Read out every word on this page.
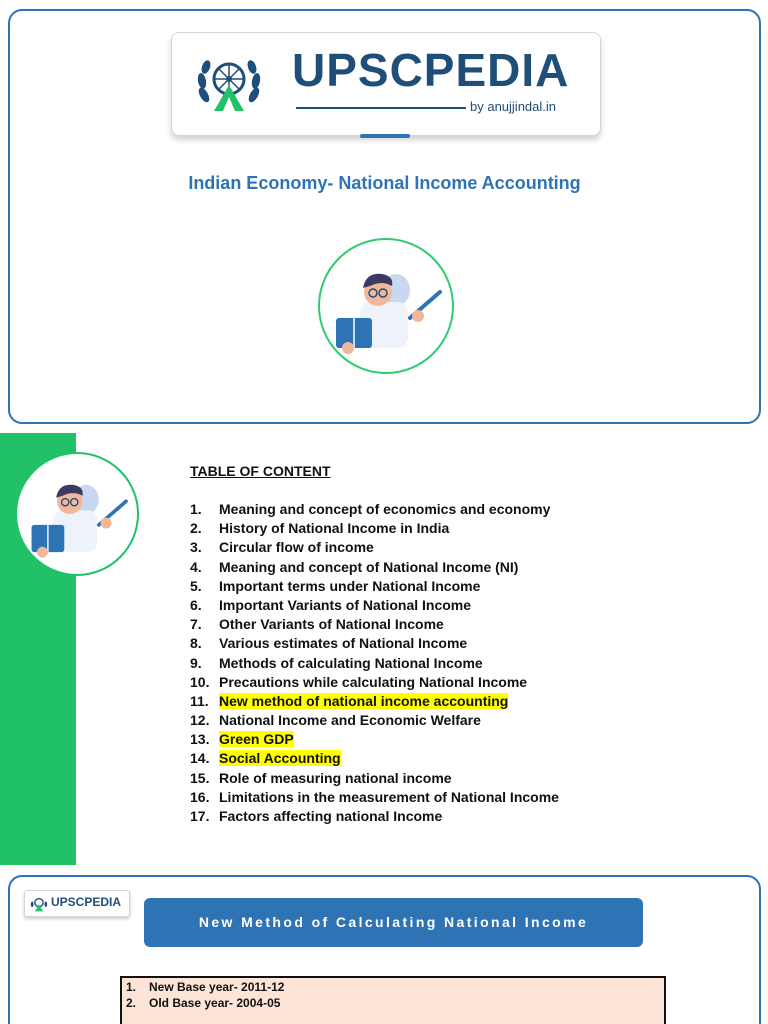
UPSCPEDIA
by anujjindal.in
Indian Economy- National Income Accounting
TABLE OF CONTENT
1. Meaning and concept of economics and economy
2. History of National Income in India
3. Circular flow of income
4. Meaning and concept of National Income (NI)
5. Important terms under National Income
6. Important Variants of National Income
7. Other Variants of National Income
8. Various estimates of National Income
9. Methods of calculating National Income
10. Precautions while calculating National Income
11. New method of national income accounting
12. National Income and Economic Welfare
13. Green GDP
14. Social Accounting
15. Role of measuring national income
16. Limitations in the measurement of National Income
17. Factors affecting national Income
UPSCPEDIA
New Method of Calculating National Income
1. New Base year- 2011-12
2. Old Base year- 2004-05
